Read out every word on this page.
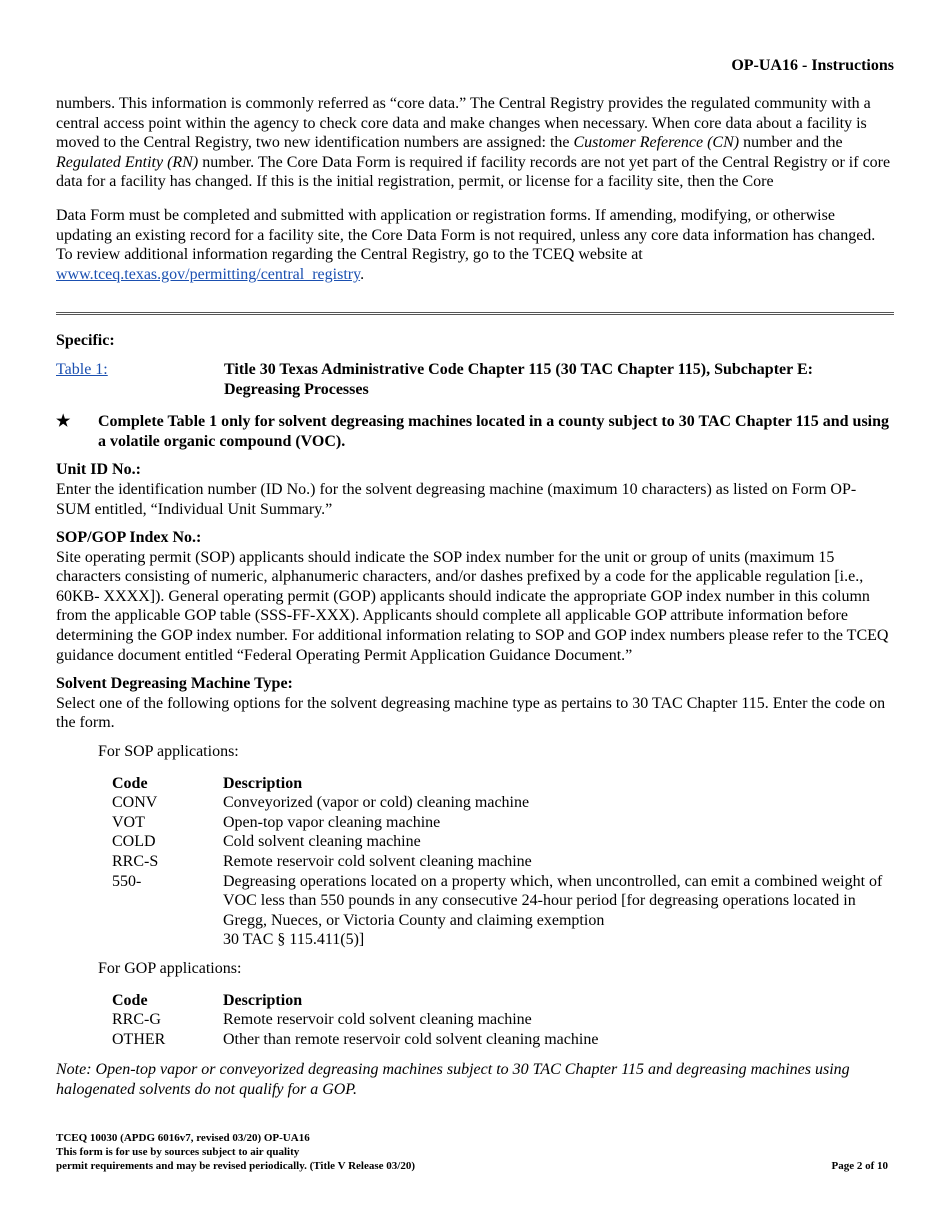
OP-UA16 - Instructions

numbers. This information is commonly referred as “core data.” The Central Registry provides the regulated community with a central access point within the agency to check core data and make changes when necessary. When core data about a facility is moved to the Central Registry, two new identification numbers are assigned: the Customer Reference (CN) number and the Regulated Entity (RN) number. The Core Data Form is required if facility records are not yet part of the Central Registry or if core data for a facility has changed. If this is the initial registration, permit, or license for a facility site, then the Core

Data Form must be completed and submitted with application or registration forms. If amending, modifying, or otherwise updating an existing record for a facility site, the Core Data Form is not required, unless any core data information has changed. To review additional information regarding the Central Registry, go to the TCEQ website at www.tceq.texas.gov/permitting/central_registry.

Specific:
Table 1:	Title 30 Texas Administrative Code Chapter 115 (30 TAC Chapter 115), Subchapter E: Degreasing Processes
★	Complete Table 1 only for solvent degreasing machines located in a county subject to 30 TAC Chapter 115 and using a volatile organic compound (VOC).
Unit ID No.:
Enter the identification number (ID No.) for the solvent degreasing machine (maximum 10 characters) as listed on Form OP- SUM entitled, “Individual Unit Summary.”
SOP/GOP Index No.:
Site operating permit (SOP) applicants should indicate the SOP index number for the unit or group of units (maximum 15 characters consisting of numeric, alphanumeric characters, and/or dashes prefixed by a code for the applicable regulation [i.e., 60KB- XXXX]). General operating permit (GOP) applicants should indicate the appropriate GOP index number in this column from the applicable GOP table (SSS-FF-XXX). Applicants should complete all applicable GOP attribute information before determining the GOP index number. For additional information relating to SOP and GOP index numbers please refer to the TCEQ guidance document entitled “Federal Operating Permit Application Guidance Document.”
Solvent Degreasing Machine Type:
Select one of the following options for the solvent degreasing machine type as pertains to 30 TAC Chapter 115. Enter the code on the form.
For SOP applications:
Code	Description
CONV	Conveyorized (vapor or cold) cleaning machine
VOT	Open-top vapor cleaning machine
COLD	Cold solvent cleaning machine
RRC-S	Remote reservoir cold solvent cleaning machine
550-	Degreasing operations located on a property which, when uncontrolled, can emit a combined weight of VOC less than 550 pounds in any consecutive 24-hour period [for degreasing operations located in Gregg, Nueces, or Victoria County and claiming exemption
30 TAC § 115.411(5)]
For GOP applications:
Code	Description
RRC-G	Remote reservoir cold solvent cleaning machine
OTHER	Other than remote reservoir cold solvent cleaning machine
Note: Open-top vapor or conveyorized degreasing machines subject to 30 TAC Chapter 115 and degreasing machines using halogenated solvents do not qualify for a GOP.
TCEQ 10030 (APDG 6016v7, revised 03/20) OP-UA16
This form is for use by sources subject to air quality
permit requirements and may be revised periodically. (Title V Release 03/20)	Page 2 of 10
